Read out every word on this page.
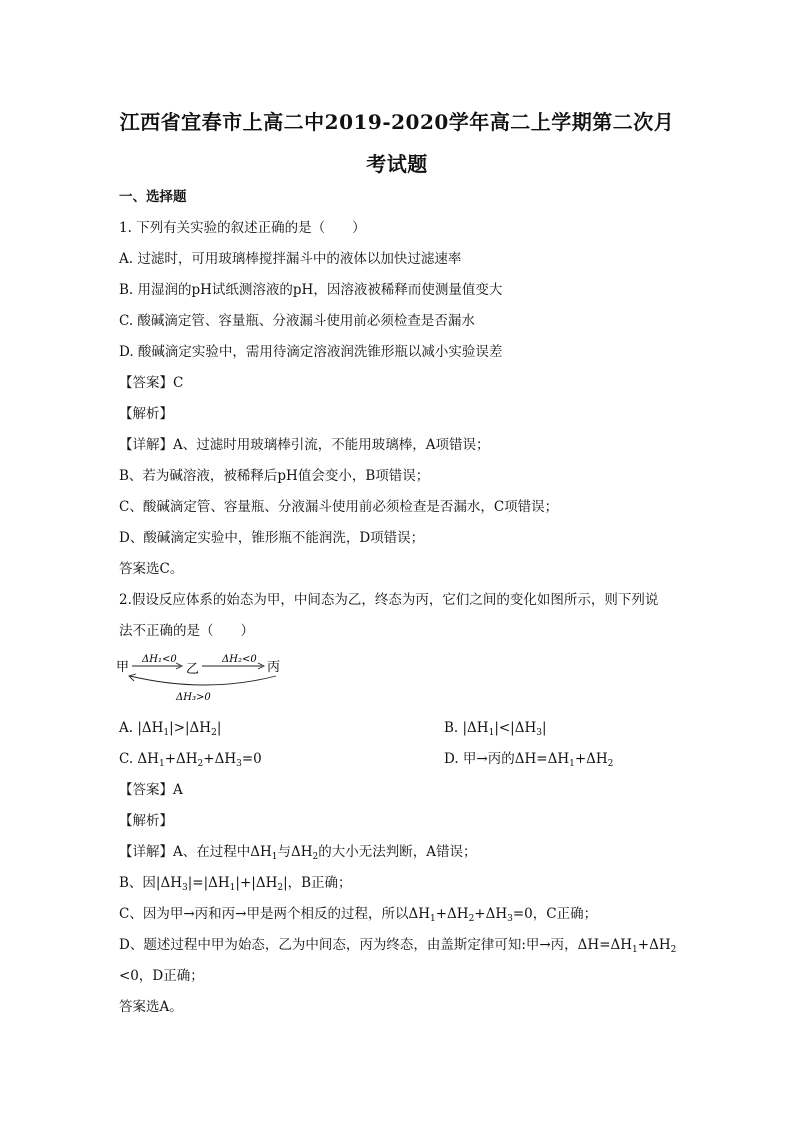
江西省宜春市上高二中2019-2020学年高二上学期第二次月
考试题
一、选择题
1. 下列有关实验的叙述正确的是（　　）
A. 过滤时，可用玻璃棒搅拌漏斗中的液体以加快过滤速率
B. 用湿润的pH试纸测溶液的pH，因溶液被稀释而使测量值变大
C. 酸碱滴定管、容量瓶、分液漏斗使用前必须检查是否漏水
D. 酸碱滴定实验中，需用待滴定溶液润洗锥形瓶以减小实验误差
【答案】C
【解析】
【详解】A、过滤时用玻璃棒引流，不能用玻璃棒，A项错误；
B、若为碱溶液，被稀释后pH值会变小，B项错误；
C、酸碱滴定管、容量瓶、分液漏斗使用前必须检查是否漏水，C项错误；
D、酸碱滴定实验中，锥形瓶不能润洗，D项错误；
答案选C。
2.假设反应体系的始态为甲，中间态为乙，终态为丙，它们之间的变化如图所示，则下列说
法不正确的是（　　）
甲	乙	丙
ΔH₁<0	ΔH₂<0
ΔH₃>0
A. $|\Delta H_1|>|\Delta H_2|$	B. $|\Delta H_1|<|\Delta H_3|$
C. $\Delta H_1+\Delta H_2+\Delta H_3=0$	D. 甲→丙的$\Delta H=\Delta H_1+\Delta H_2$
【答案】A
【解析】
【详解】A、在过程中$\Delta H_1$与$\Delta H_2$的大小无法判断，A错误；
B、因$|\Delta H_3|=|\Delta H_1|+|\Delta H_2|$，B正确；
C、因为甲→丙和丙→甲是两个相反的过程，所以$\Delta H_1+\Delta H_2+\Delta H_3=0$，C正确；
D、题述过程中甲为始态，乙为中间态，丙为终态，由盖斯定律可知:甲→丙，$\Delta H=\Delta H_1+\Delta H_2$
<0，D正确；
答案选A。
